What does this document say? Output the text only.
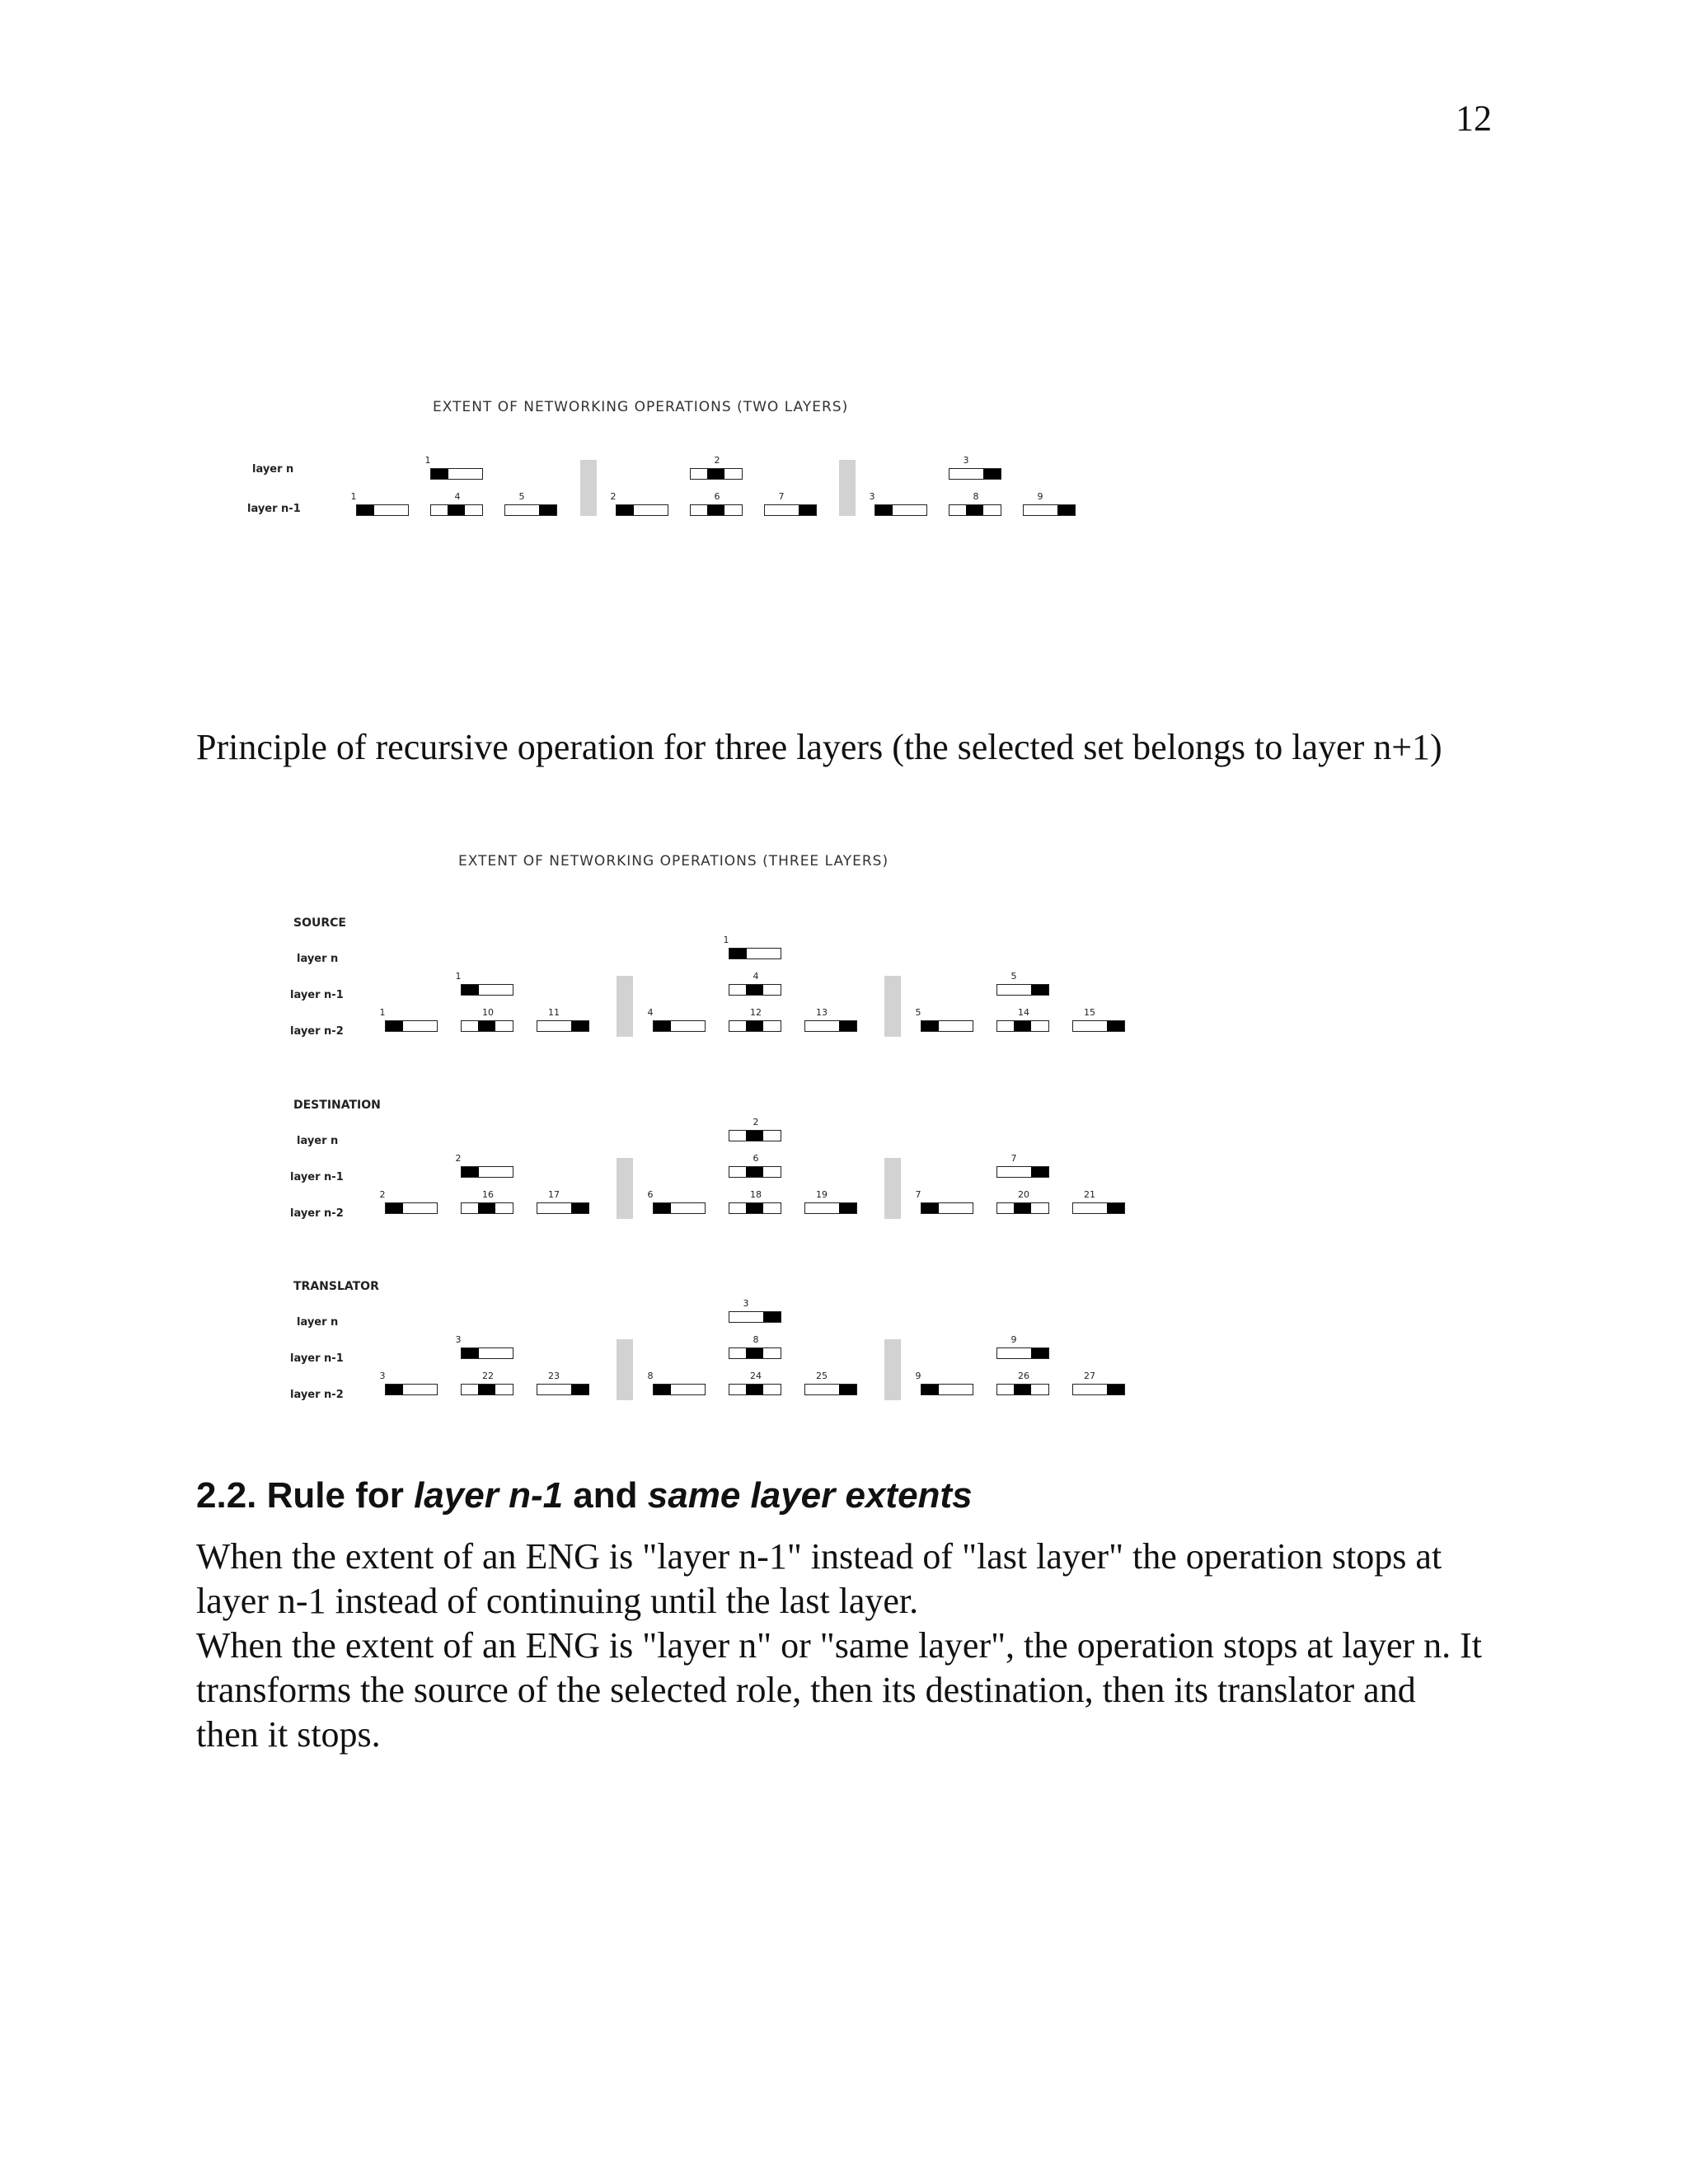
12
EXTENT OF NETWORKING OPERATIONS (TWO LAYERS)
layer n
layer n-1
1
1	4	5
2
2	6	7
3
3	8	9

Principle of recursive operation for three layers (the selected set belongs to layer n+1)

EXTENT OF NETWORKING OPERATIONS (THREE LAYERS)
SOURCE
layer n
layer n-1
layer n-2
1
1
1	10	11
4
4	12	13
5
5	14	15
DESTINATION
layer n
layer n-1
layer n-2
2
2
2	16	17
6
6	18	19
7
7	20	21
TRANSLATOR
layer n
layer n-1
layer n-2
3
3
3	22	23
8
8	24	25
9
9	26	27
2.2. Rule for layer n-1 and same layer extents

When the extent of an ENG is "layer n-1" instead of "last layer" the operation stops at layer n-1 instead of continuing until the last layer.

When the extent of an ENG is "layer n" or "same layer", the operation stops at layer n. It transforms the source of the selected role, then its destination, then its translator and then it stops.
